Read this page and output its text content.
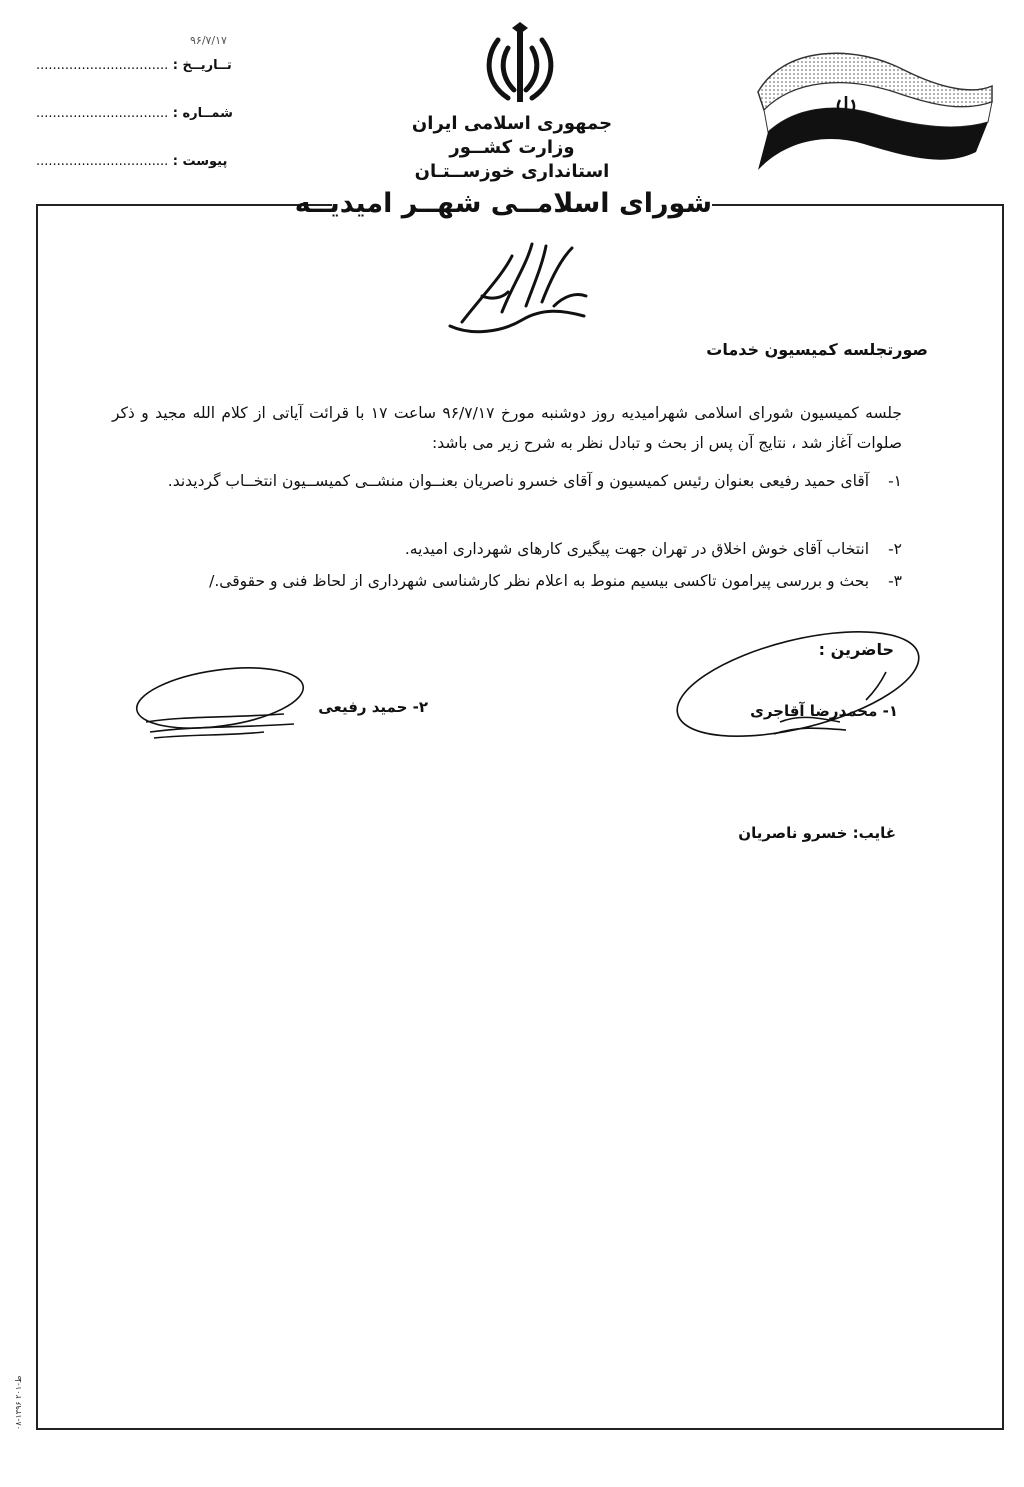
تــاریــخ : ................................
۹۶/۷/۱۷
شمــاره : ................................
پیوست : ................................
جمهوری اسلامی ایران
وزارت کشــور
استانداری خوزســتـان
شورای اسلامــی شهــر امیدیــه
صورتجلسه کمیسیون خدمات
جلسه کمیسیون شورای اسلامی شهرامیدیه روز دوشنبه مورخ ۹۶/۷/۱۷ ساعت ۱۷ با قرائت آیاتی از کلام الله مجید و ذکر صلوات آغاز شد ، نتایج آن پس از بحث و تبادل نظر به شرح زیر می باشد:
۱- آقای حمید رفیعی بعنوان رئیس کمیسیون و آقای خسرو ناصریان بعنــوان منشــی کمیســیون انتخــاب گردیدند.
۲- انتخاب آقای خوش اخلاق در تهران جهت پیگیری کارهای شهرداری امیدیه.
۳- بحث و بررسی پیرامون تاکسی بیسیم منوط به اعلام نظر کارشناسی شهرداری از لحاظ فنی و حقوقی./
حاضرین :
۱- محمدرضا آقاجری
۲- حمید رفیعی
غایب: خسرو ناصریان
ط-۲۰۱ ۱۳۹۶-۰۸
